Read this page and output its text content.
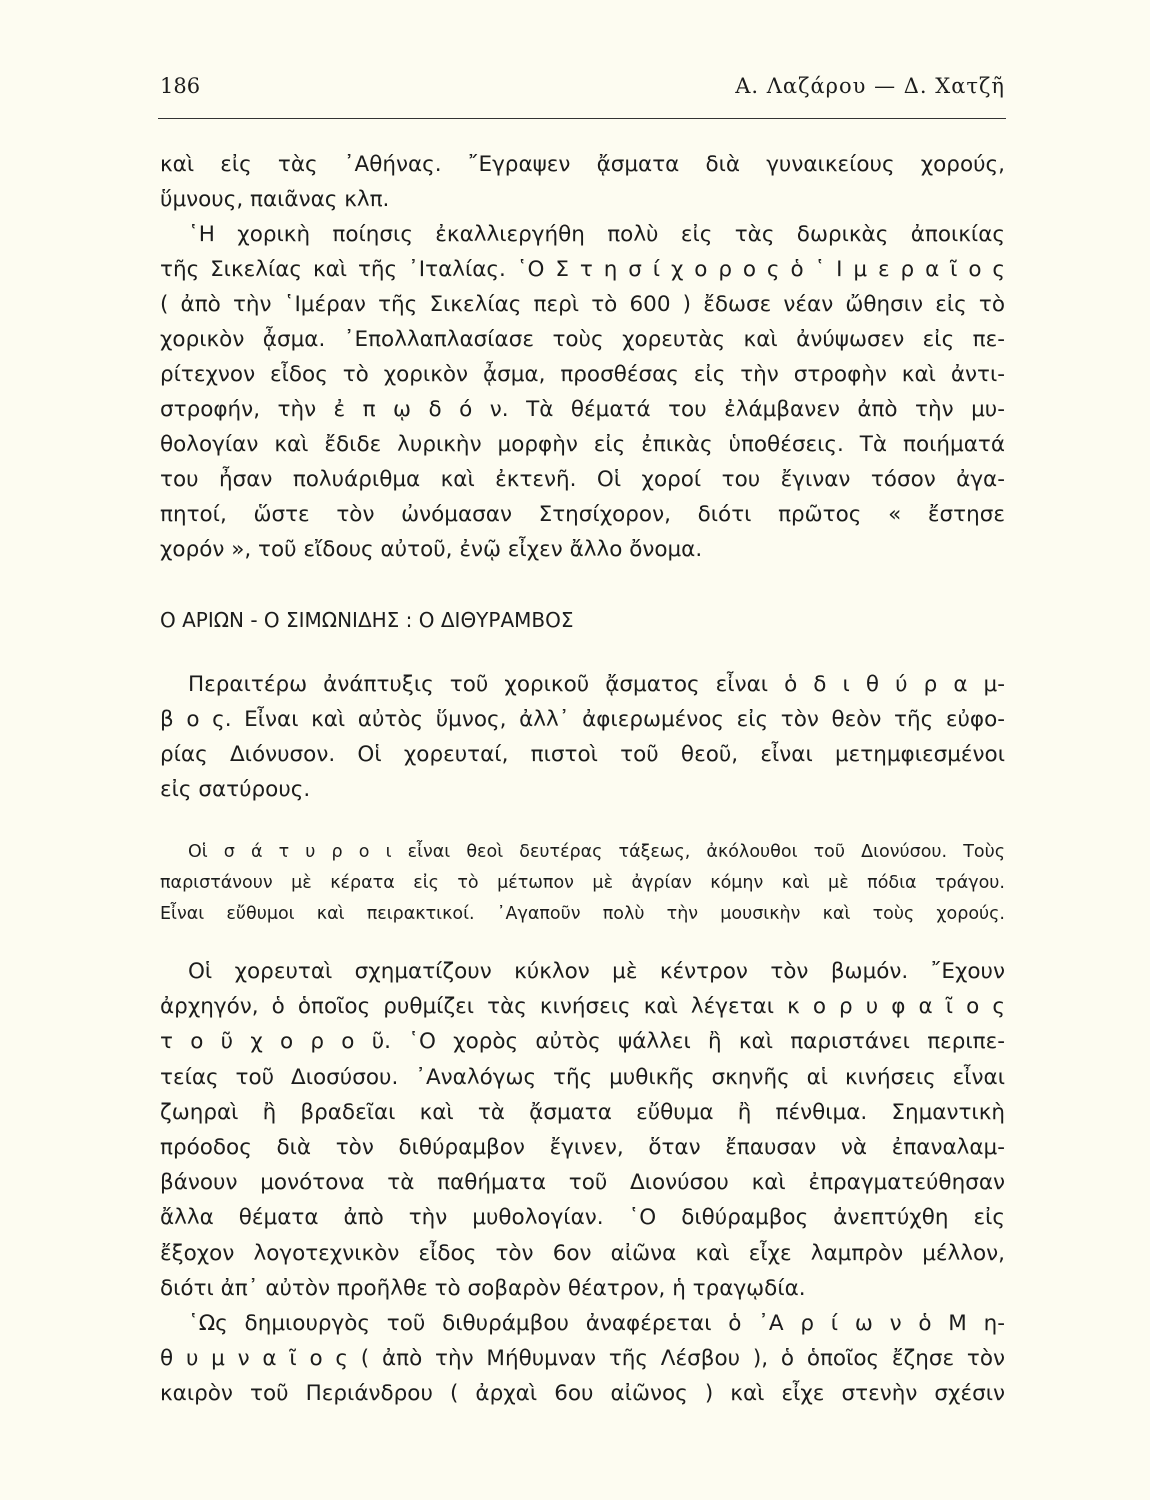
186	Α. Λαζάρου — Δ. Χατζῆ
καὶ εἰς τὰς ᾿Αθήνας. ῎Εγραψεν ᾄσματα διὰ γυναικείους χορούς,
ὕμνους, παιᾶνας κλπ.
῾Η χορικὴ ποίησις ἐκαλλιεργήθη πολὺ εἰς τὰς δωρικὰς ἀποικίας
τῆς Σικελίας καὶ τῆς ᾿Ιταλίας. ῾Ο Σ τ η σ ί χ ο ρ ο ς ὁ ῾ Ι μ ε ρ α ῖ ο ς
( ἀπὸ τὴν ῾Ιμέραν τῆς Σικελίας περὶ τὸ 600 ) ἔδωσε νέαν ὤθησιν εἰς τὸ
χορικὸν ᾆσμα. ᾿Επολλαπλασίασε τοὺς χορευτὰς καὶ ἀνύψωσεν εἰς πε-
ρίτεχνον εἶδος τὸ χορικὸν ᾆσμα, προσθέσας εἰς τὴν στροφὴν καὶ ἀντι-
στροφήν, τὴν ἐ π ῳ δ ό ν. Τὰ θέματά του ἐλάμβανεν ἀπὸ τὴν μυ-
θολογίαν καὶ ἔδιδε λυρικὴν μορφὴν εἰς ἐπικὰς ὑποθέσεις. Τὰ ποιήματά
του ἦσαν πολυάριθμα καὶ ἐκτενῆ. Οἱ χοροί του ἔγιναν τόσον ἀγα-
πητοί, ὥστε τὸν ὠνόμασαν Στησίχορον, διότι πρῶτος « ἔστησε
χορόν », τοῦ εἴδους αὐτοῦ, ἐνῷ εἶχεν ἄλλο ὄνομα.
Περαιτέρω ἀνάπτυξις τοῦ χορικοῦ ᾄσματος εἶναι ὁ δ ι θ ύ ρ α μ-
β ο ς. Εἶναι καὶ αὐτὸς ὕμνος, ἀλλ᾿ ἀφιερωμένος εἰς τὸν θεὸν τῆς εὐφο-
ρίας Διόνυσον. Οἱ χορευταί, πιστοὶ τοῦ θεοῦ, εἶναι μετημφιεσμένοι
εἰς σατύρους.
Οἱ σ ά τ υ ρ ο ι εἶναι θεοὶ δευτέρας τάξεως, ἀκόλουθοι τοῦ Διονύσου. Τοὺς
παριστάνουν μὲ κέρατα εἰς τὸ μέτωπον μὲ ἀγρίαν κόμην καὶ μὲ πόδια τράγου.
Εἶναι εὔθυμοι καὶ πειρακτικοί. ᾿Αγαποῦν πολὺ τὴν μουσικὴν καὶ τοὺς χορούς.
Οἱ χορευταὶ σχηματίζουν κύκλον μὲ κέντρον τὸν βωμόν. ῎Εχουν
ἀρχηγόν, ὁ ὁποῖος ρυθμίζει τὰς κινήσεις καὶ λέγεται κ ο ρ υ φ α ῖ ο ς
τ ο ῦ χ ο ρ ο ῦ. ῾Ο χορὸς αὐτὸς ψάλλει ἢ καὶ παριστάνει περιπε-
τείας τοῦ Διοσύσου. ᾿Αναλόγως τῆς μυθικῆς σκηνῆς αἱ κινήσεις εἶναι
ζωηραὶ ἢ βραδεῖαι καὶ τὰ ᾄσματα εὔθυμα ἢ πένθιμα. Σημαντικὴ
πρόοδος διὰ τὸν διθύραμβον ἔγινεν, ὅταν ἔπαυσαν νὰ ἐπαναλαμ-
βάνουν μονότονα τὰ παθήματα τοῦ Διονύσου καὶ ἐπραγματεύθησαν
ἄλλα θέματα ἀπὸ τὴν μυθολογίαν. ῾Ο διθύραμβος ἀνεπτύχθη εἰς
ἔξοχον λογοτεχνικὸν εἶδος τὸν 6ον αἰῶνα καὶ εἶχε λαμπρὸν μέλλον,
διότι ἀπ᾿ αὐτὸν προῆλθε τὸ σοβαρὸν θέατρον, ἡ τραγῳδία.
῾Ως δημιουργὸς τοῦ διθυράμβου ἀναφέρεται ὁ ᾿Α ρ ί ω ν ὁ Μ η-
θ υ μ ν α ῖ ο ς ( ἀπὸ τὴν Μήθυμναν τῆς Λέσβου ), ὁ ὁποῖος ἔζησε τὸν
καιρὸν τοῦ Περιάνδρου ( ἀρχαὶ 6ου αἰῶνος ) καὶ εἶχε στενὴν σχέσιν
Ο ΑΡΙΩΝ - Ο ΣΙΜΩΝΙΔΗΣ : Ο ΔΙΘΥΡΑΜΒΟΣ
